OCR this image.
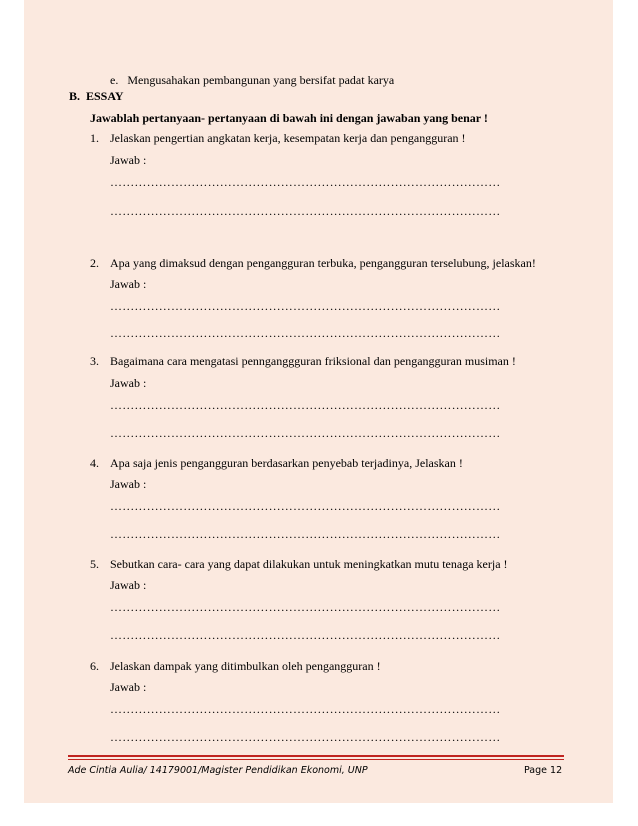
e.   Mengusahakan pembangunan yang bersifat padat karya
B.  ESSAY
Jawablah pertanyaan- pertanyaan di bawah ini dengan jawaban yang benar !
1. Jelaskan pengertian angkatan kerja, kesempatan kerja dan pengangguran !
Jawab :
……………………………………………………………………………………
……………………………………………………………………………………
2. Apa yang dimaksud dengan pengangguran terbuka, pengangguran terselubung, jelaskan!
Jawab :
……………………………………………………………………………………
……………………………………………………………………………………
3. Bagaimana cara mengatasi pennganggguran friksional dan pengangguran musiman !
Jawab :
……………………………………………………………………………………
……………………………………………………………………………………
4. Apa saja jenis pengangguran berdasarkan penyebab terjadinya, Jelaskan !
Jawab :
……………………………………………………………………………………
……………………………………………………………………………………
5. Sebutkan cara- cara yang dapat dilakukan untuk meningkatkan mutu tenaga kerja !
Jawab :
……………………………………………………………………………………
……………………………………………………………………………………
6. Jelaskan dampak yang ditimbulkan oleh pengangguran !
Jawab :
……………………………………………………………………………………
……………………………………………………………………………………
Ade Cintia Aulia/ 14179001/Magister Pendidikan Ekonomi, UNP	Page 12
